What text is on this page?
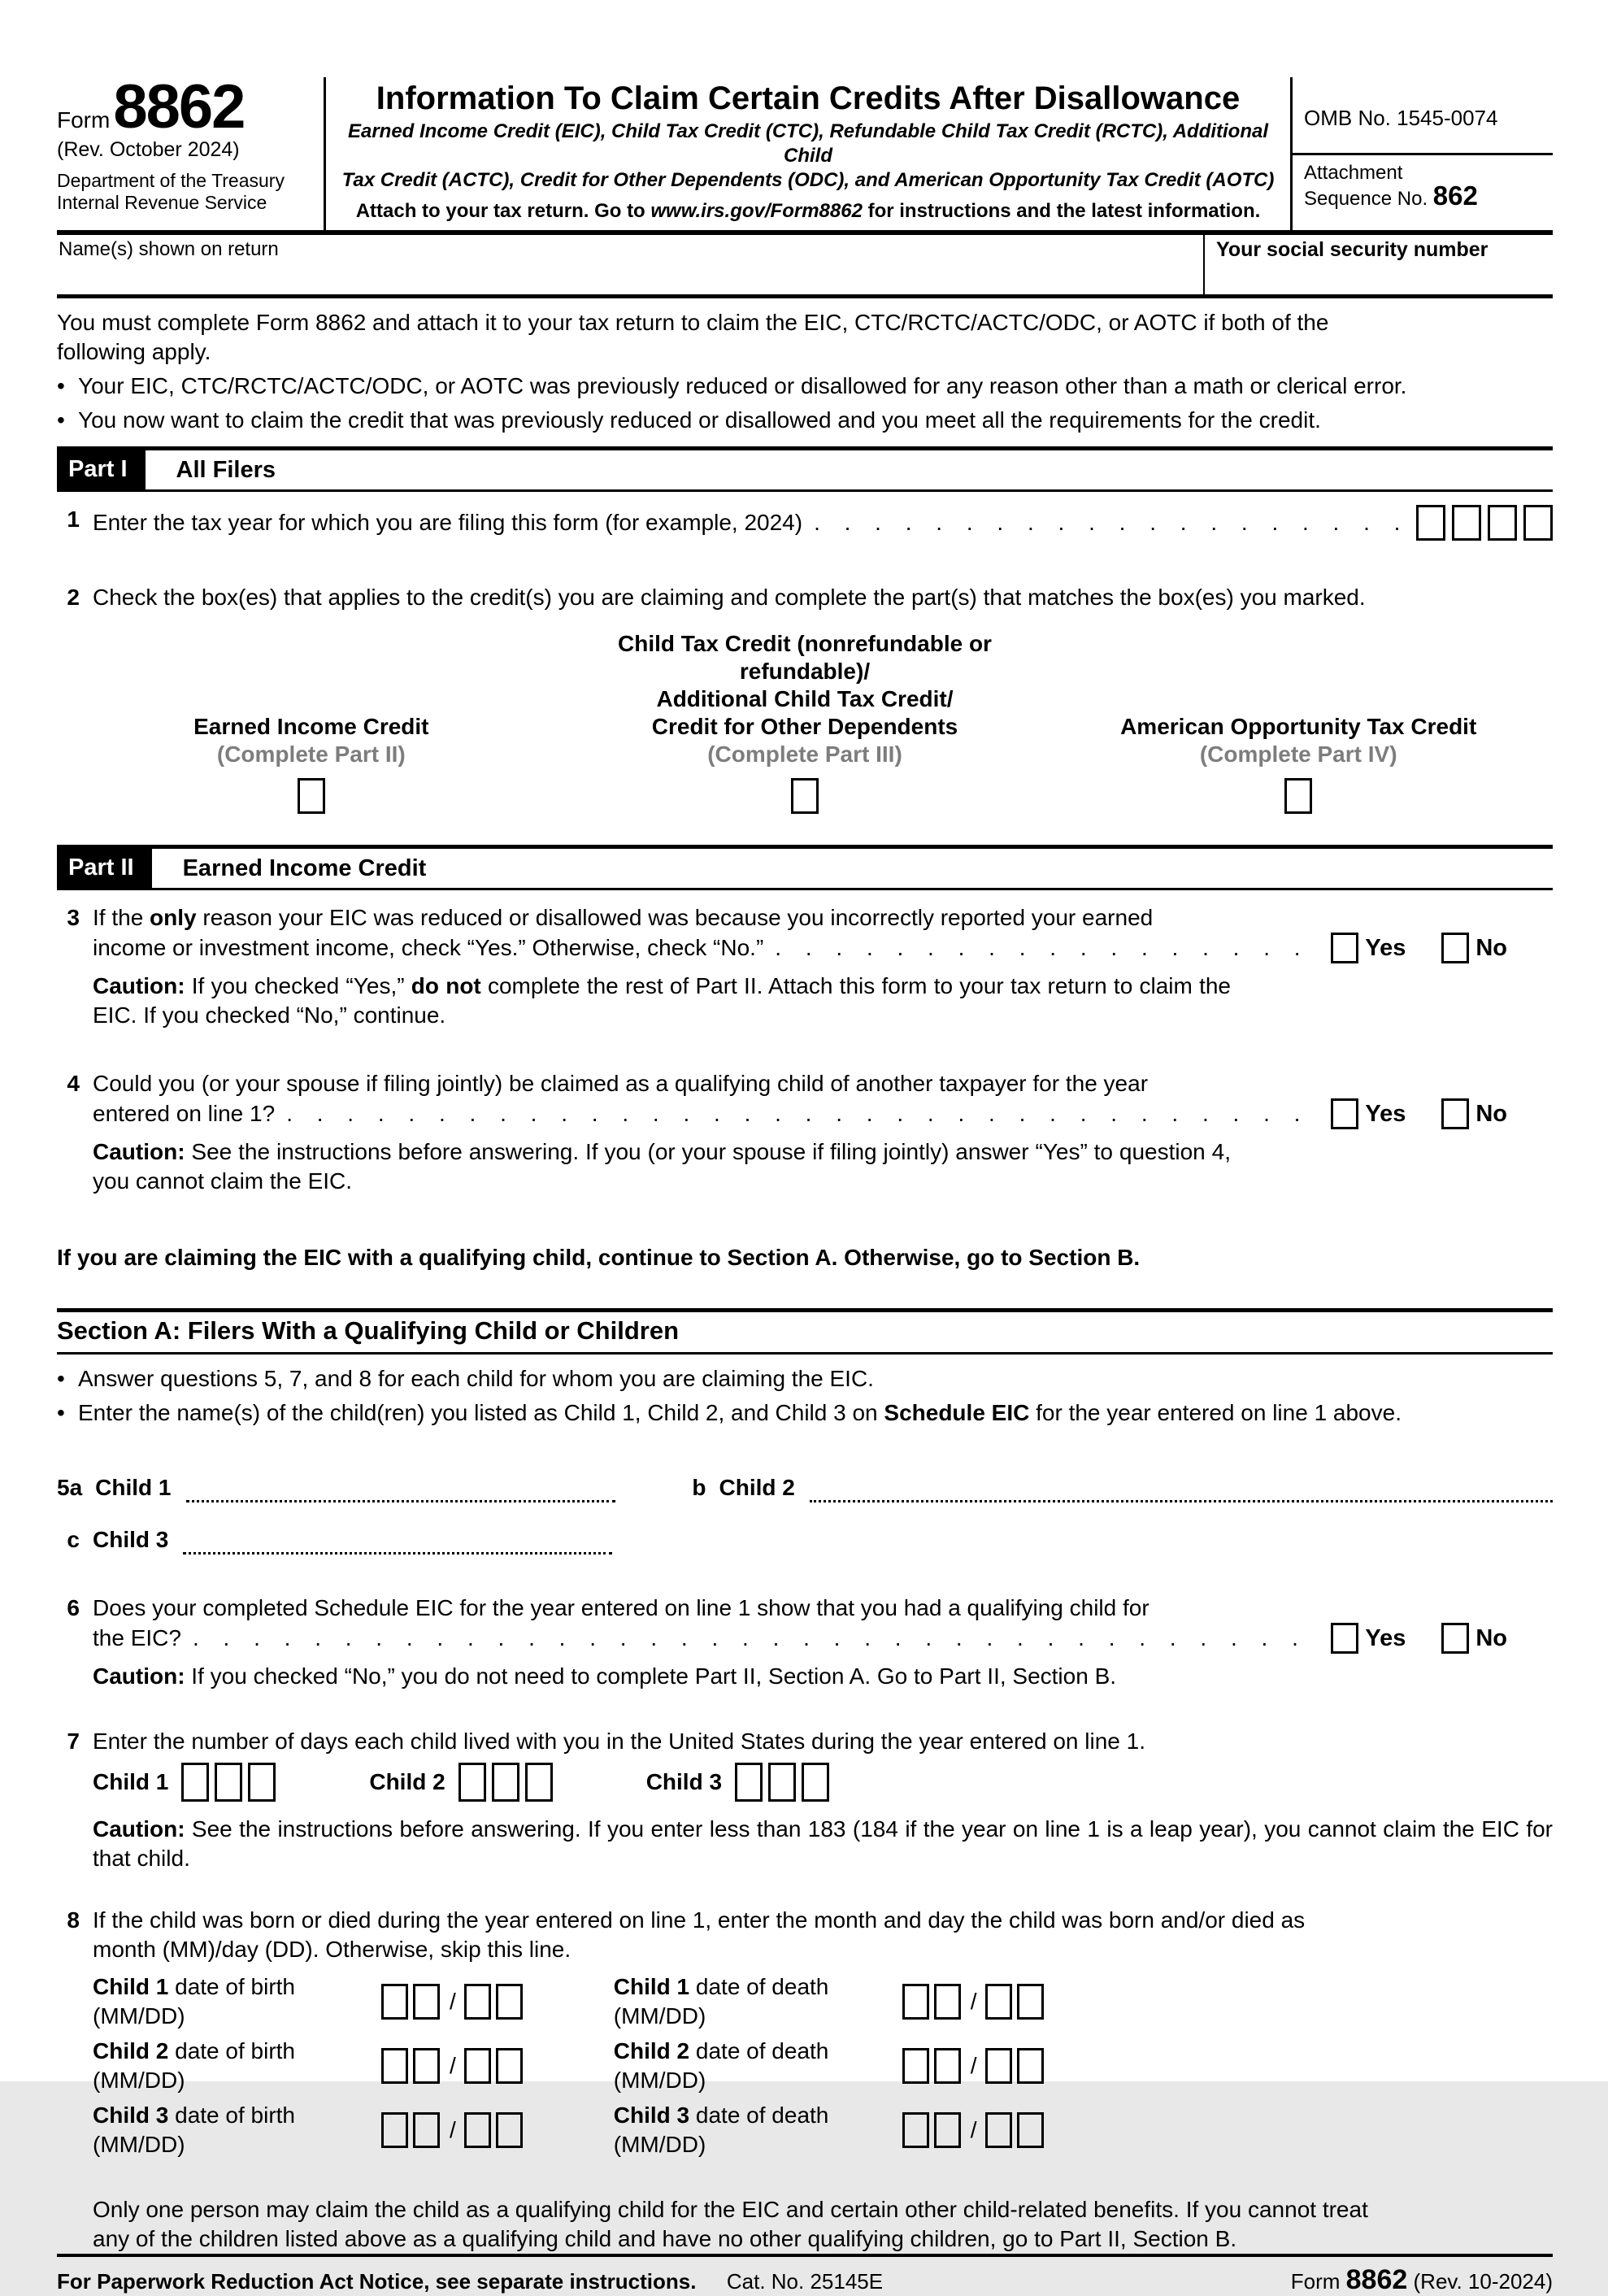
Form 8862
(Rev. October 2024)
Department of the Treasury
Internal Revenue Service
Information To Claim Certain Credits After Disallowance
Earned Income Credit (EIC), Child Tax Credit (CTC), Refundable Child Tax Credit (RCTC), Additional Child
Tax Credit (ACTC), Credit for Other Dependents (ODC), and American Opportunity Tax Credit (AOTC)
Attach to your tax return. Go to www.irs.gov/Form8862 for instructions and the latest information.
OMB No. 1545-0074
Attachment
Sequence No. 862
Name(s) shown on return	Your social security number
You must complete Form 8862 and attach it to your tax return to claim the EIC, CTC/RCTC/ACTC/ODC, or AOTC if both of the
following apply.
• Your EIC, CTC/RCTC/ACTC/ODC, or AOTC was previously reduced or disallowed for any reason other than a math or clerical error.
• You now want to claim the credit that was previously reduced or disallowed and you meet all the requirements for the credit.
Part I	All Filers
1 Enter the tax year for which you are filing this form (for example, 2024)
. . .
2 Check the box(es) that applies to the credit(s) you are claiming and complete the part(s) that matches the box(es) you marked.
Earned Income Credit
(Complete Part II)
Child Tax Credit (nonrefundable or refundable)/
Additional Child Tax Credit/
Credit for Other Dependents
(Complete Part III)
American Opportunity Tax Credit
(Complete Part IV)
Part II	Earned Income Credit
3 If the only reason your EIC was reduced or disallowed was because you incorrectly reported your earned
income or investment income, check “Yes.” Otherwise, check “No.” . . .	Yes	No
Caution: If you checked “Yes,” do not complete the rest of Part II. Attach this form to your tax return to claim the EIC. If you checked “No,” continue.
4 Could you (or your spouse if filing jointly) be claimed as a qualifying child of another taxpayer for the year
entered on line 1? . . .	Yes	No
Caution: See the instructions before answering. If you (or your spouse if filing jointly) answer “Yes” to question 4, you cannot claim the EIC.
If you are claiming the EIC with a qualifying child, continue to Section A. Otherwise, go to Section B.
Section A: Filers With a Qualifying Child or Children
• Answer questions 5, 7, and 8 for each child for whom you are claiming the EIC.
• Enter the name(s) of the child(ren) you listed as Child 1, Child 2, and Child 3 on Schedule EIC for the year entered on line 1 above.
5a Child 1	b Child 2
c Child 3
6 Does your completed Schedule EIC for the year entered on line 1 show that you had a qualifying child for
the EIC? . . .	Yes	No
Caution: If you checked “No,” you do not need to complete Part II, Section A. Go to Part II, Section B.
7 Enter the number of days each child lived with you in the United States during the year entered on line 1.
Child 1	Child 2	Child 3
Caution: See the instructions before answering. If you enter less than 183 (184 if the year on line 1 is a leap year), you cannot claim the EIC for that child.
8 If the child was born or died during the year entered on line 1, enter the month and day the child was born and/or died as
month (MM)/day (DD). Otherwise, skip this line.
Child 1 date of birth (MM/DD)
/
Child 1 date of death (MM/DD)
/
Child 2 date of birth (MM/DD)
/
Child 2 date of death (MM/DD)
/
Child 3 date of birth (MM/DD)
/
Child 3 date of death (MM/DD)
/
Only one person may claim the child as a qualifying child for the EIC and certain other child-related benefits. If you cannot treat
any of the children listed above as a qualifying child and have no other qualifying children, go to Part II, Section B.
For Paperwork Reduction Act Notice, see separate instructions.	Cat. No. 25145E	Form 8862 (Rev. 10-2024)
